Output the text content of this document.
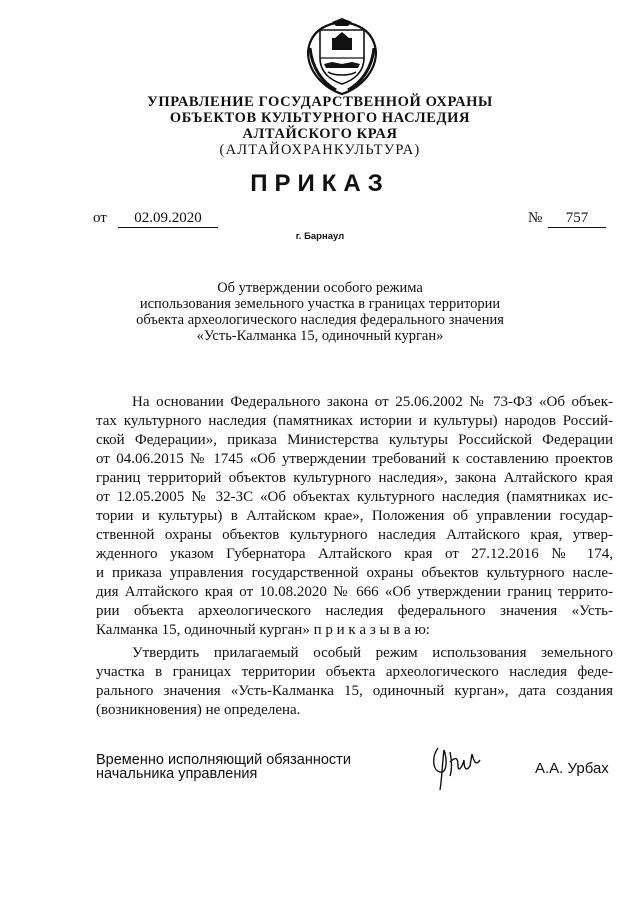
УПРАВЛЕНИЕ ГОСУДАРСТВЕННОЙ ОХРАНЫ
ОБЪЕКТОВ КУЛЬТУРНОГО НАСЛЕДИЯ
АЛТАЙСКОГО КРАЯ
(АЛТАЙОХРАНКУЛЬТУРА)
ПРИКАЗ
от	02.09.2020
г. Барнаул
№	757
Об утверждении особого режима
использования земельного участка в границах территории
объекта археологического наследия федерального значения
«Усть-Калманка 15, одиночный курган»
На основании Федерального закона от 25.06.2002 № 73-ФЗ «Об объек-
тах культурного наследия (памятниках истории и культуры) народов Россий-
ской Федерации», приказа Министерства культуры Российской Федерации
от 04.06.2015 № 1745 «Об утверждении требований к составлению проектов
границ территорий объектов культурного наследия», закона Алтайского края
от 12.05.2005 № 32-ЗС «Об объектах культурного наследия (памятниках ис-
тории и культуры) в Алтайском крае», Положения об управлении государ-
ственной охраны объектов культурного наследия Алтайского края, утвер-
жденного указом Губернатора Алтайского края от 27.12.2016 № 174,
и приказа управления государственной охраны объектов культурного насле-
дия Алтайского края от 10.08.2020 № 666 «Об утверждении границ террито-
рии объекта археологического наследия федерального значения «Усть-
Калманка 15, одиночный курган» п р и к а з ы в а ю:
Утвердить прилагаемый особый режим использования земельного
участка в границах территории объекта археологического наследия феде-
рального значения «Усть-Калманка 15, одиночный курган», дата создания
(возникновения) не определена.
Временно исполняющий обязанности
начальника управления	А.А. Урбах
